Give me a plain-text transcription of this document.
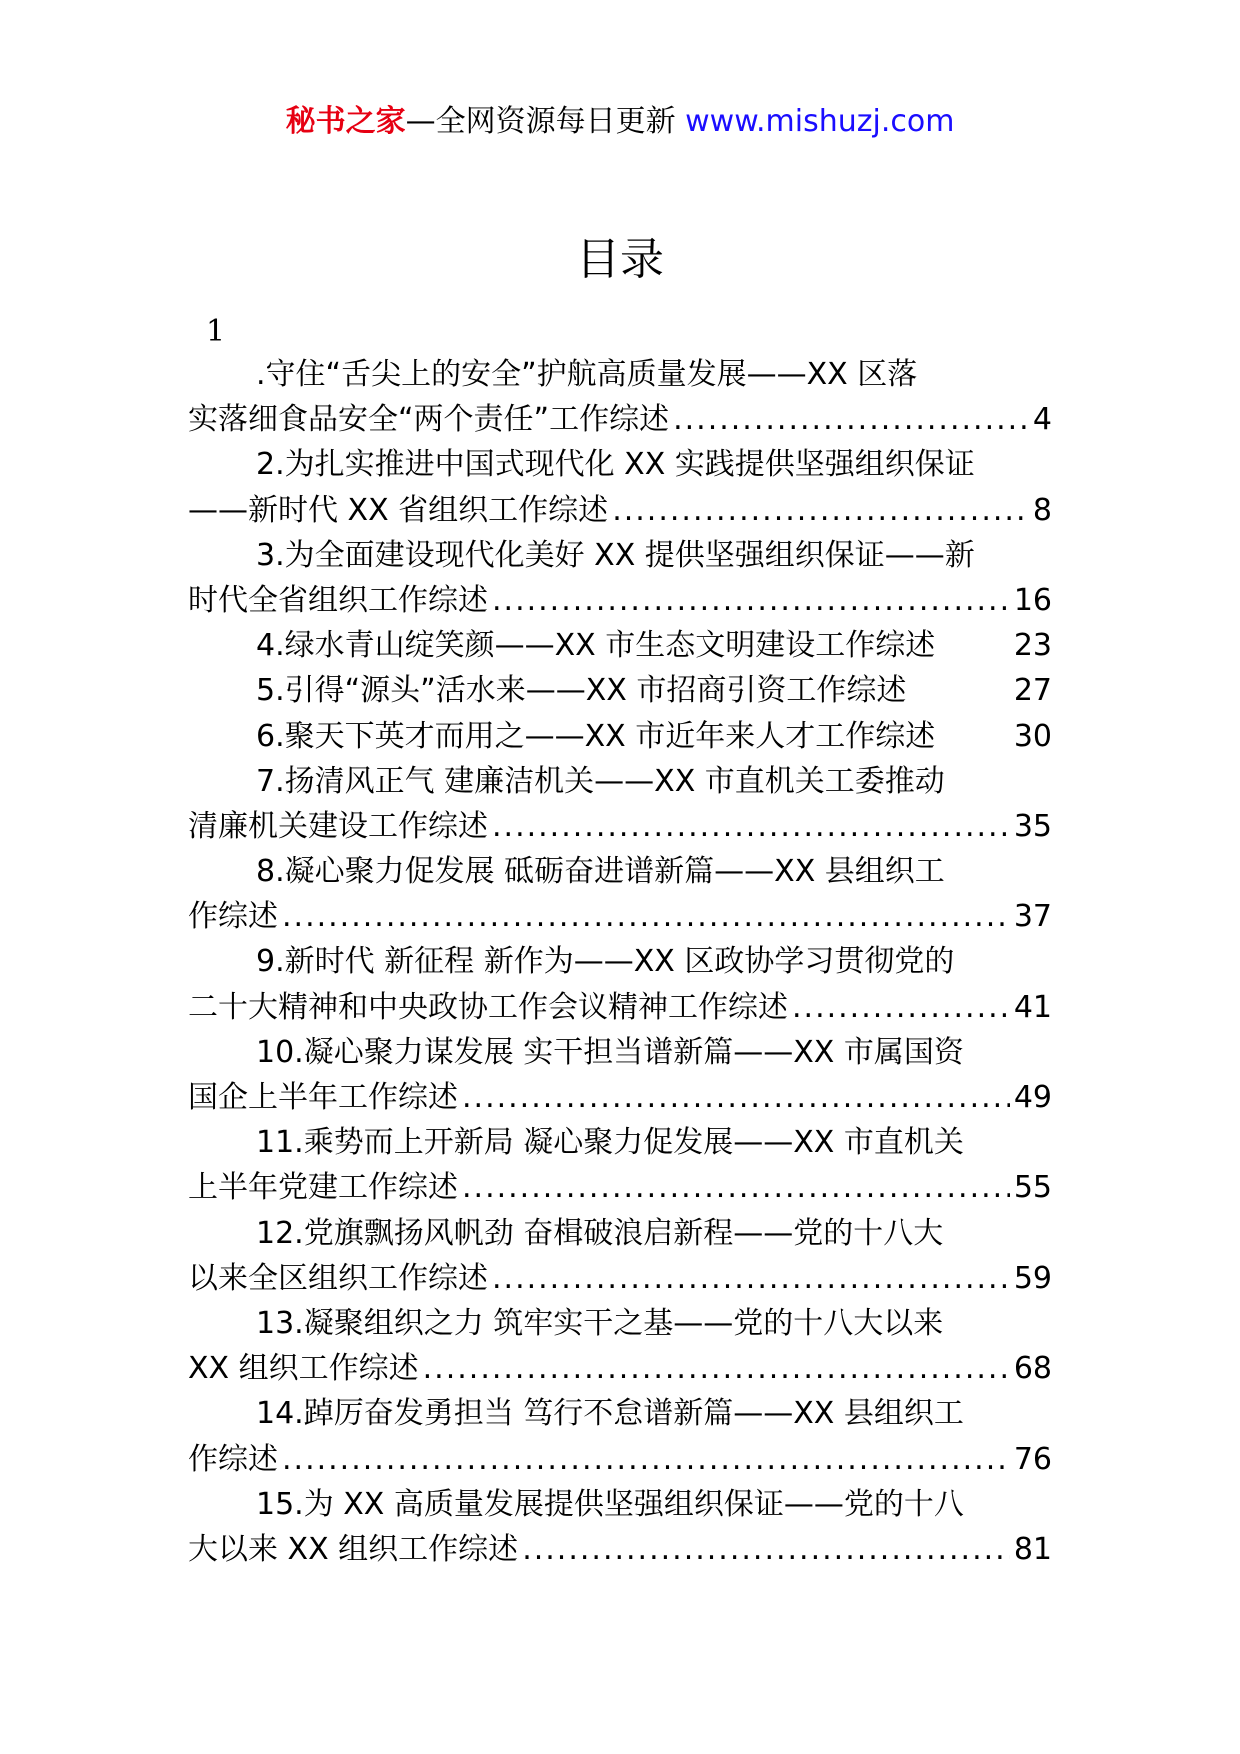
秘书之家—全网资源每日更新 www.mishuzj.com
目录
1
.守住“舌尖上的安全”护航高质量发展——XX 区落
实落细食品安全“两个责任”工作综述 .....	4
2.为扎实推进中国式现代化 XX 实践提供坚强组织保证
——新时代 XX 省组织工作综述 .....	8
3.为全面建设现代化美好 XX 提供坚强组织保证——新
时代全省组织工作综述 .....	16
4.绿水青山绽笑颜——XX 市生态文明建设工作综述	23
5.引得“源头”活水来——XX 市招商引资工作综述	27
6.聚天下英才而用之——XX 市近年来人才工作综述	30
7.扬清风正气 建廉洁机关——XX 市直机关工委推动
清廉机关建设工作综述 .....	35
8.凝心聚力促发展 砥砺奋进谱新篇——XX 县组织工
作综述 .....	37
9.新时代 新征程 新作为——XX 区政协学习贯彻党的
二十大精神和中央政协工作会议精神工作综述 .....	41
10.凝心聚力谋发展 实干担当谱新篇——XX 市属国资
国企上半年工作综述 .....	49
11.乘势而上开新局 凝心聚力促发展——XX 市直机关
上半年党建工作综述 .....	55
12.党旗飘扬风帆劲 奋楫破浪启新程——党的十八大
以来全区组织工作综述 .....	59
13.凝聚组织之力 筑牢实干之基——党的十八大以来
XX 组织工作综述 .....	68
14.踔厉奋发勇担当 笃行不怠谱新篇——XX 县组织工
作综述 .....	76
15.为 XX 高质量发展提供坚强组织保证——党的十八
大以来 XX 组织工作综述 .....	81
